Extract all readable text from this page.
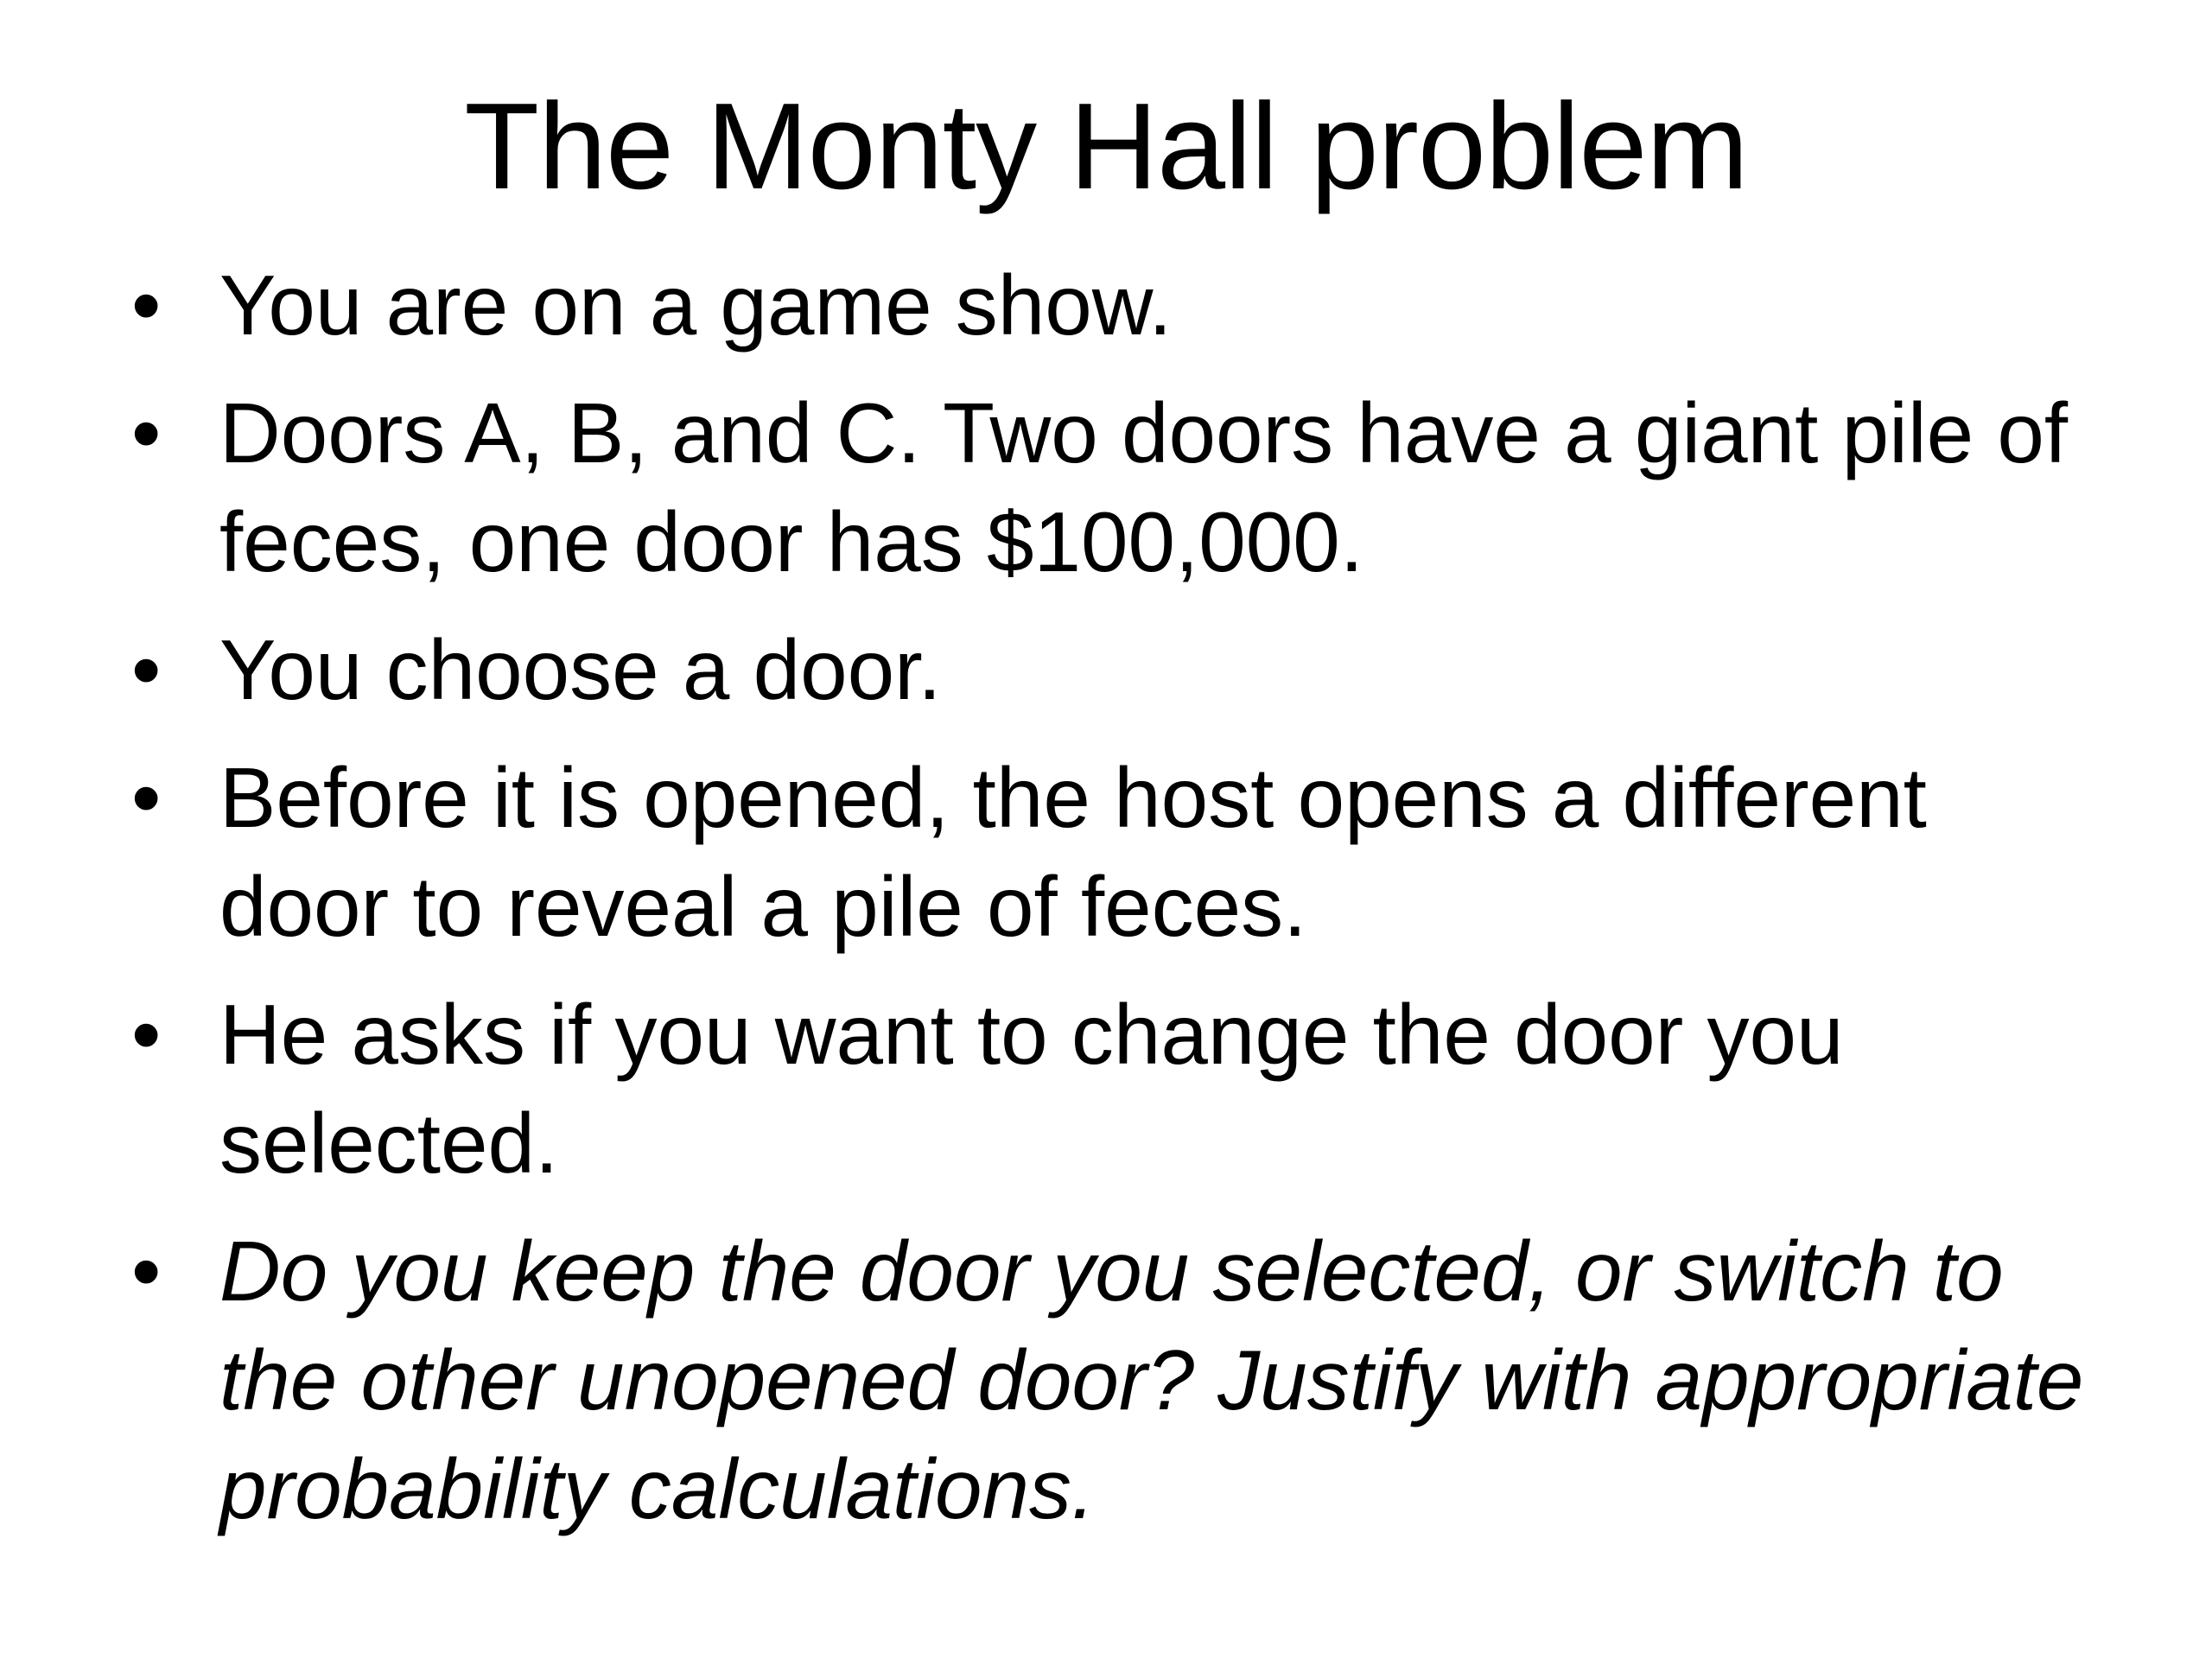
The Monty Hall problem
• You are on a game show.
• Doors A, B, and C. Two doors have a giant pile of feces, one door has $100,000.
• You choose a door.
• Before it is opened, the host opens a different door to reveal a pile of feces.
• He asks if you want to change the door you selected.
• Do you keep the door you selected, or switch to the other unopened door? Justify with appropriate probability calculations.
